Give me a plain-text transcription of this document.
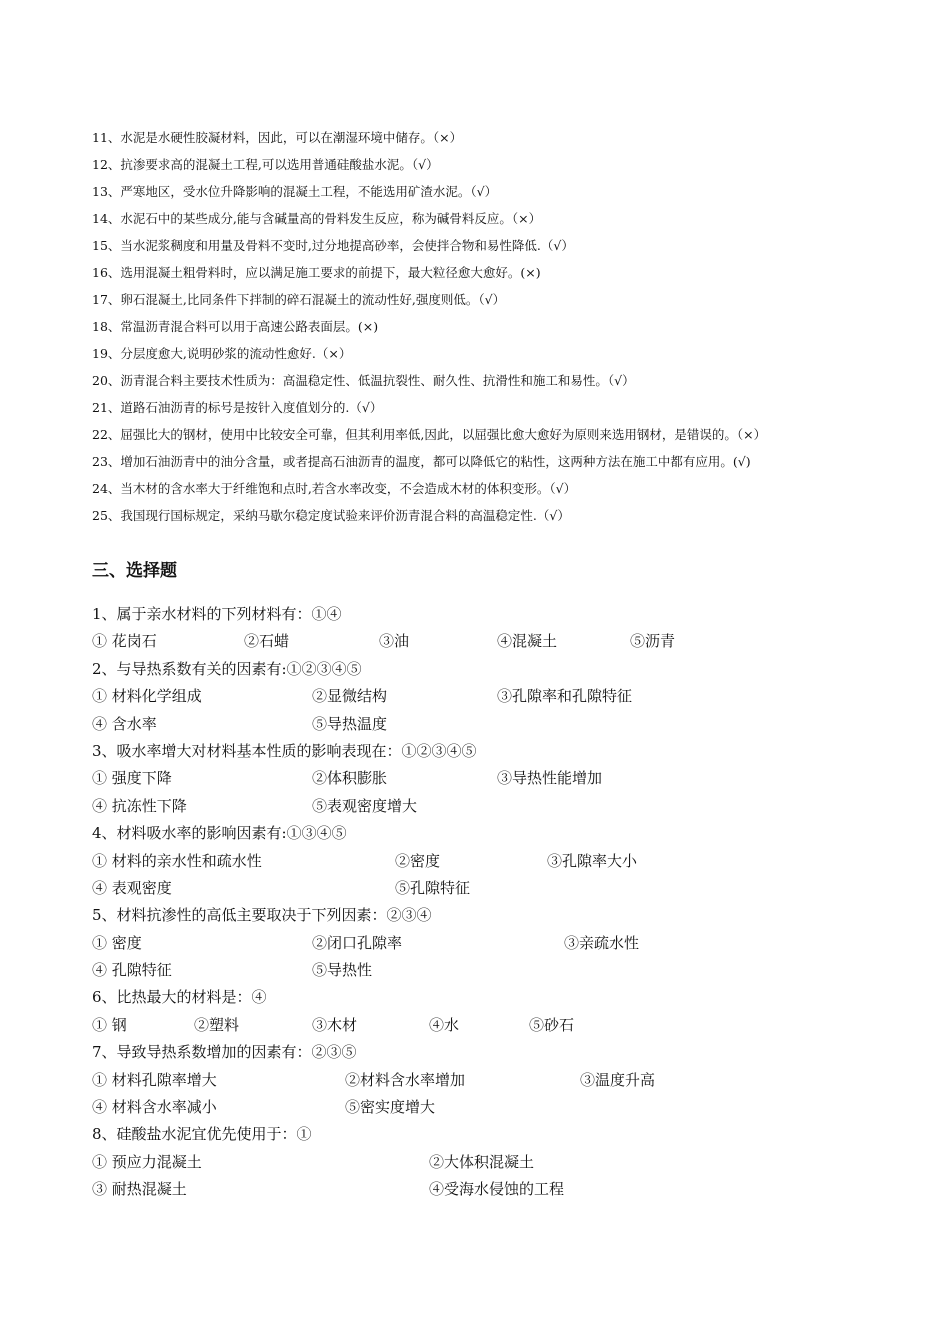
11、水泥是水硬性胶凝材料，因此，可以在潮湿环境中储存。（×）
12、抗渗要求高的混凝土工程,可以选用普通硅酸盐水泥。（√）
13、严寒地区，受水位升降影响的混凝土工程，不能选用矿渣水泥。（√）
14、水泥石中的某些成分,能与含碱量高的骨料发生反应，称为碱骨料反应。（×）
15、当水泥浆稠度和用量及骨料不变时,过分地提高砂率，会使拌合物和易性降低.（√）
16、选用混凝土粗骨料时，应以满足施工要求的前提下，最大粒径愈大愈好。(×)
17、卵石混凝土,比同条件下拌制的碎石混凝土的流动性好,强度则低。（√）
18、常温沥青混合料可以用于高速公路表面层。(×)
19、分层度愈大,说明砂浆的流动性愈好.（×）
20、沥青混合料主要技术性质为：高温稳定性、低温抗裂性、耐久性、抗滑性和施工和易性。（√）
21、道路石油沥青的标号是按针入度值划分的.（√）
22、屈强比大的钢材，使用中比较安全可靠，但其利用率低,因此，以屈强比愈大愈好为原则来选用钢材，是错误的。（×）
23、增加石油沥青中的油分含量，或者提高石油沥青的温度，都可以降低它的粘性，这两种方法在施工中都有应用。(√)
24、当木材的含水率大于纤维饱和点时,若含水率改变，不会造成木材的体积变形。（√）
25、我国现行国标规定，采纳马歇尔稳定度试验来评价沥青混合料的高温稳定性.（√）
三、选择题
1、属于亲水材料的下列材料有：①④
① 花岗石	②石蜡	③油	④混凝土	⑤沥青
2、与导热系数有关的因素有:①②③④⑤
① 材料化学组成	②显微结构	③孔隙率和孔隙特征
④ 含水率	⑤导热温度
3、吸水率增大对材料基本性质的影响表现在：①②③④⑤
① 强度下降	②体积膨胀	③导热性能增加
④ 抗冻性下降	⑤表观密度增大
4、材料吸水率的影响因素有:①③④⑤
① 材料的亲水性和疏水性	②密度	③孔隙率大小
④ 表观密度	⑤孔隙特征
5、材料抗渗性的高低主要取决于下列因素：②③④
① 密度	②闭口孔隙率	③亲疏水性
④ 孔隙特征	⑤导热性
6、比热最大的材料是：④
① 钢	②塑料	③木材	④水	⑤砂石
7、导致导热系数增加的因素有：②③⑤
① 材料孔隙率增大	②材料含水率增加	③温度升高
④ 材料含水率减小	⑤密实度增大
8、硅酸盐水泥宜优先使用于：①
① 预应力混凝土	②大体积混凝土
③ 耐热混凝土	④受海水侵蚀的工程
